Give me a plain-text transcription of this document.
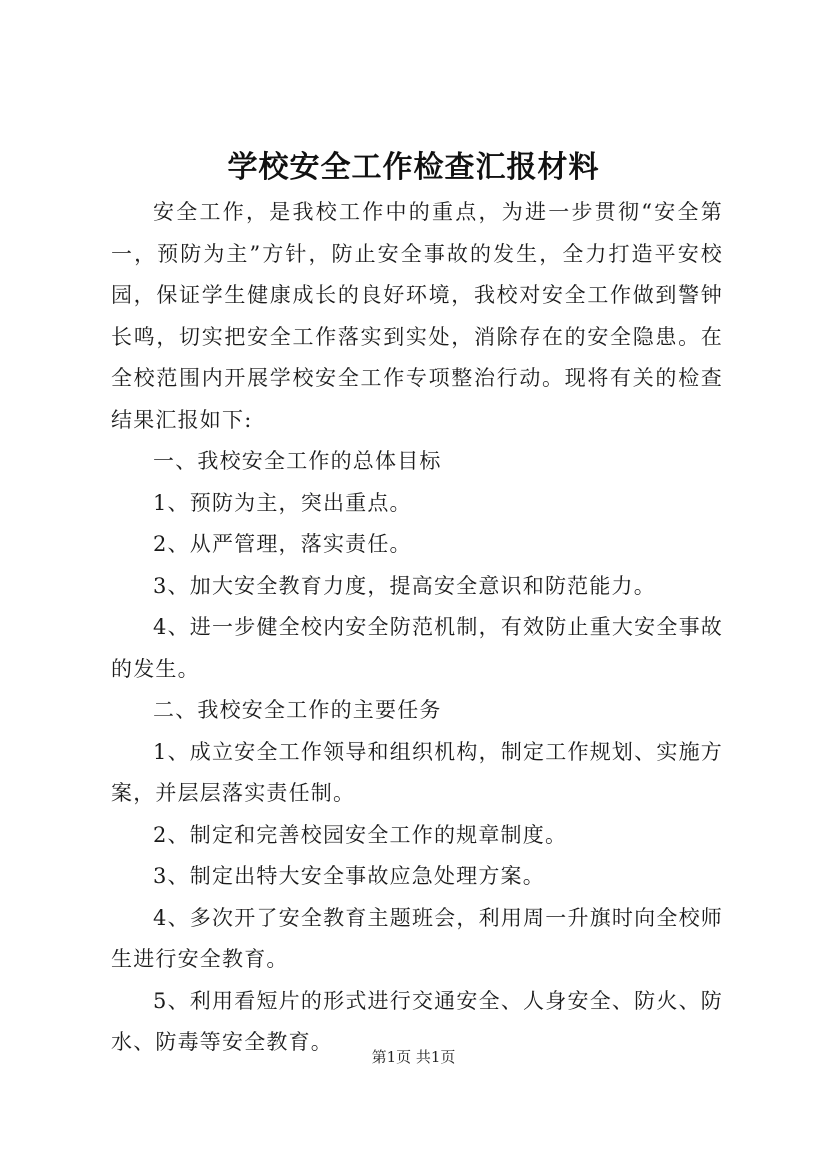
学校安全工作检查汇报材料

安全工作，是我校工作中的重点，为进一步贯彻“安全第一，预防为主”方针，防止安全事故的发生，全力打造平安校园，保证学生健康成长的良好环境，我校对安全工作做到警钟长鸣，切实把安全工作落实到实处，消除存在的安全隐患。在全校范围内开展学校安全工作专项整治行动。现将有关的检查结果汇报如下:

一、我校安全工作的总体目标

1、预防为主，突出重点。

2、从严管理，落实责任。

3、加大安全教育力度，提高安全意识和防范能力。

4、进一步健全校内安全防范机制，有效防止重大安全事故的发生。

二、我校安全工作的主要任务

1、成立安全工作领导和组织机构，制定工作规划、实施方案，并层层落实责任制。

2、制定和完善校园安全工作的规章制度。

3、制定出特大安全事故应急处理方案。

4、多次开了安全教育主题班会，利用周一升旗时向全校师生进行安全教育。

5、利用看短片的形式进行交通安全、人身安全、防火、防水、防毒等安全教育。

第1页 共1页
